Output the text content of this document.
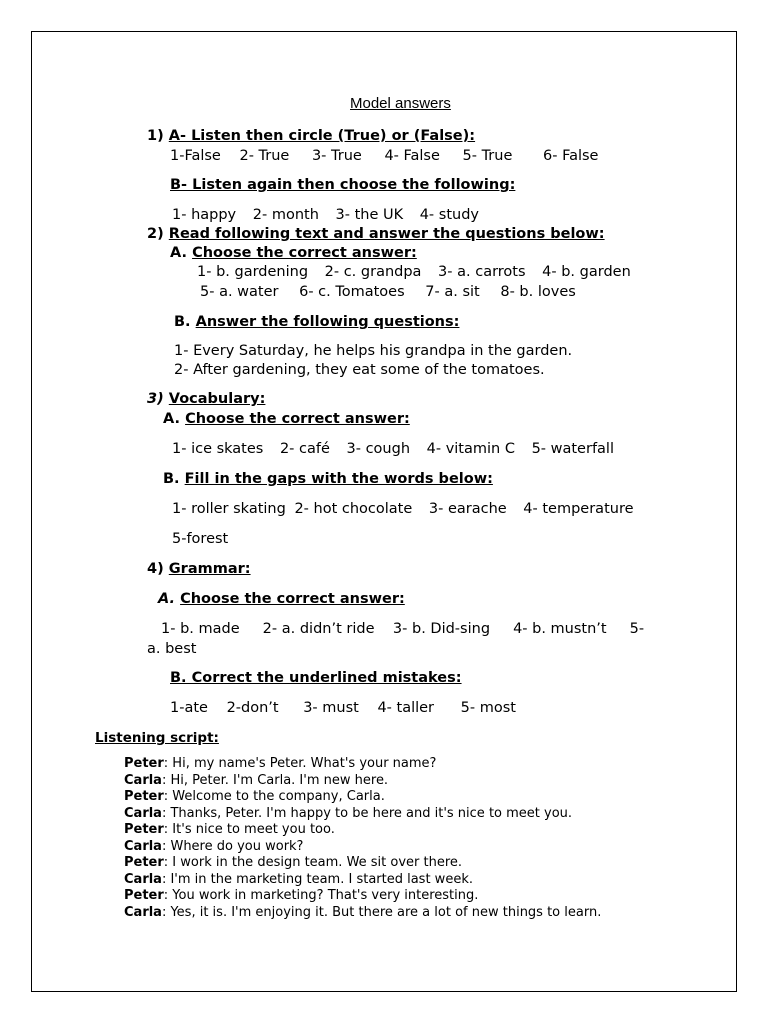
Model answers
1) A- Listen then circle (True) or (False):
1-False 2- True 3- True 4- False 5- True 6- False
B- Listen again then choose the following:
1- happy 2- month 3- the UK 4- study
2) Read following text and answer the questions below:
A. Choose the correct answer:
1- b. gardening 2- c. grandpa 3- a. carrots 4- b. garden
5- a. water 6- c. Tomatoes 7- a. sit 8- b. loves
B. Answer the following questions:
1- Every Saturday, he helps his grandpa in the garden.
2- After gardening, they eat some of the tomatoes.
3) Vocabulary:
A. Choose the correct answer:
1- ice skates 2- café 3- cough 4- vitamin C 5- waterfall
B. Fill in the gaps with the words below:
1- roller skating 2- hot chocolate 3- earache 4- temperature
5-forest
4) Grammar:
A. Choose the correct answer:
1- b. made     2- a. didn’t ride    3- b. Did-sing     4- b. mustn’t     5-
a. best
B. Correct the underlined mistakes:
1-ate 2-don’t 3- must 4- taller 5- most
Listening script:
Peter: Hi, my name's Peter. What's your name?
Carla: Hi, Peter. I'm Carla. I'm new here.
Peter: Welcome to the company, Carla.
Carla: Thanks, Peter. I'm happy to be here and it's nice to meet you.
Peter: It's nice to meet you too.
Carla: Where do you work?
Peter: I work in the design team. We sit over there.
Carla: I'm in the marketing team. I started last week.
Peter: You work in marketing? That's very interesting.
Carla: Yes, it is. I'm enjoying it. But there are a lot of new things to learn.
